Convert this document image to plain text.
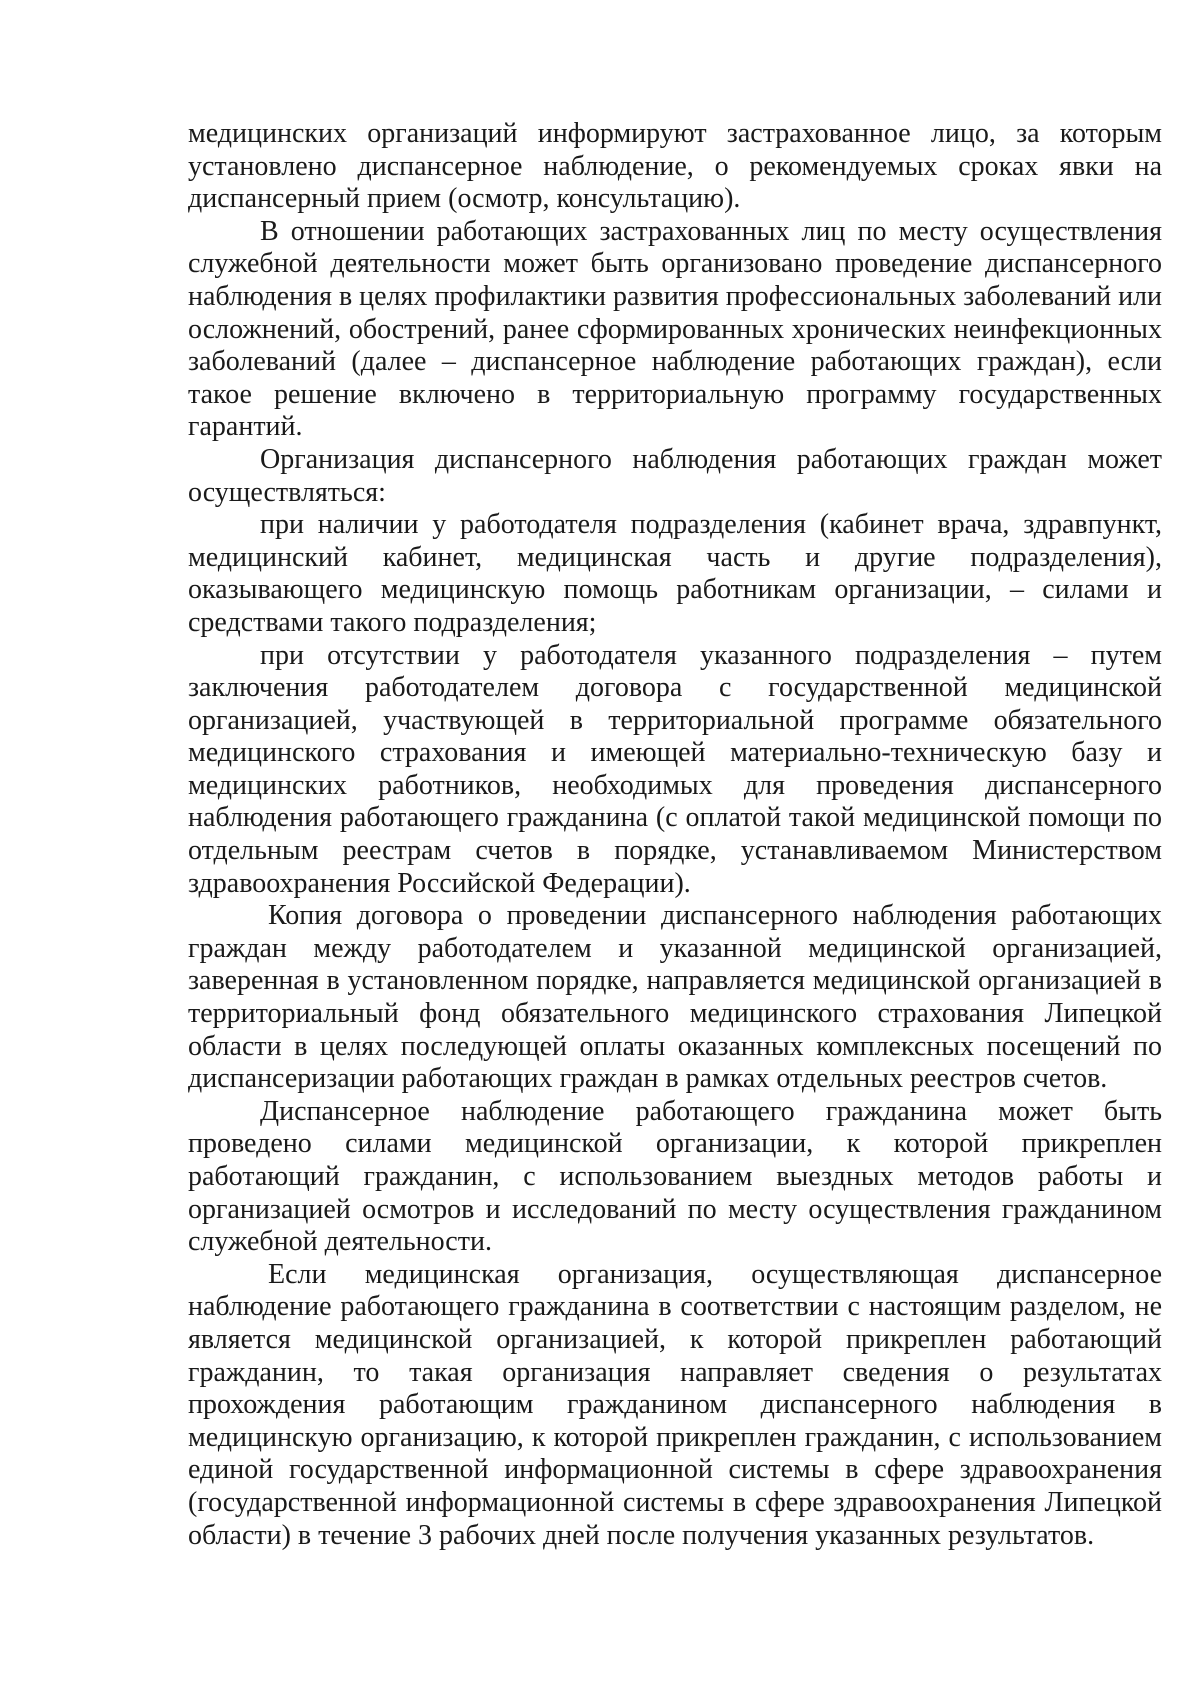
медицинских организаций информируют застрахованное лицо, за которым установлено диспансерное наблюдение, о рекомендуемых сроках явки на диспансерный прием (осмотр, консультацию).

В отношении работающих застрахованных лиц по месту осуществления служебной деятельности может быть организовано проведение диспансерного наблюдения в целях профилактики развития профессиональных заболеваний или осложнений, обострений, ранее сформированных хронических неинфекционных заболеваний (далее – диспансерное наблюдение работающих граждан), если такое решение включено в территориальную программу государственных гарантий.

Организация диспансерного наблюдения работающих граждан может осуществляться:

при наличии у работодателя подразделения (кабинет врача, здравпункт, медицинский кабинет, медицинская часть и другие подразделения), оказывающего медицинскую помощь работникам организации, – силами и средствами такого подразделения;

при отсутствии у работодателя указанного подразделения – путем заключения работодателем договора с государственной медицинской организацией, участвующей в территориальной программе обязательного медицинского страхования и имеющей материально-техническую базу и медицинских работников, необходимых для проведения диспансерного наблюдения работающего гражданина (с оплатой такой медицинской помощи по отдельным реестрам счетов в порядке, устанавливаемом Министерством здравоохранения Российской Федерации).

Копия договора о проведении диспансерного наблюдения работающих граждан между работодателем и указанной медицинской организацией, заверенная в установленном порядке, направляется медицинской организацией в территориальный фонд обязательного медицинского страхования Липецкой области в целях последующей оплаты оказанных комплексных посещений по диспансеризации работающих граждан в рамках отдельных реестров счетов.

Диспансерное наблюдение работающего гражданина может быть проведено силами медицинской организации, к которой прикреплен работающий гражданин, с использованием выездных методов работы и организацией осмотров и исследований по месту осуществления гражданином служебной деятельности.

Если медицинская организация, осуществляющая диспансерное наблюдение работающего гражданина в соответствии с настоящим разделом, не является медицинской организацией, к которой прикреплен работающий гражданин, то такая организация направляет сведения о результатах прохождения работающим гражданином диспансерного наблюдения в медицинскую организацию, к которой прикреплен гражданин, с использованием единой государственной информационной системы в сфере здравоохранения (государственной информационной системы в сфере здравоохранения Липецкой области) в течение 3 рабочих дней после получения указанных результатов.
